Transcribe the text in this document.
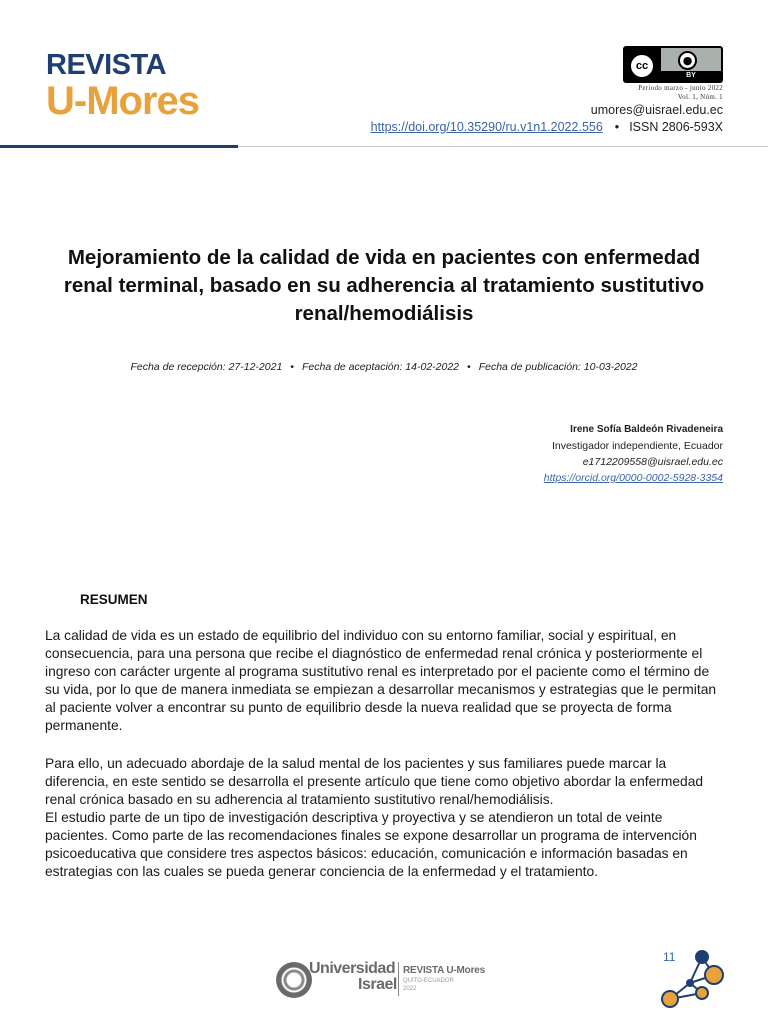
REVISTA
U-Mores
cc	●
BY
Periodo marzo - junio 2022
Vol. 1, Núm. 1
umores@uisrael.edu.ec
https://doi.org/10.35290/ru.v1n1.2022.556 • ISSN 2806-593X
Mejoramiento de la calidad de vida en pacientes con enfermedad renal terminal, basado en su adherencia al tratamiento sustitutivo renal/hemodiálisis
Fecha de recepción: 27-12-2021 • Fecha de aceptación: 14-02-2022 • Fecha de publicación: 10-03-2022
Irene Sofía Baldeón Rivadeneira
Investigador independiente, Ecuador
e1712209558@uisrael.edu.ec
https://orcid.org/0000-0002-5928-3354
RESUMEN

La calidad de vida es un estado de equilibrio del individuo con su entorno familiar, social y espiritual, en consecuencia, para una persona que recibe el diagnóstico de enfermedad renal crónica y posteriormente el ingreso con carácter urgente al programa sustitutivo renal es interpretado por el paciente como el término de su vida, por lo que de manera inmediata se empiezan a desarrollar mecanismos y estrategias que le permitan al paciente volver a encontrar su punto de equilibrio desde la nueva realidad que se proyecta de forma permanente.

Para ello, un adecuado abordaje de la salud mental de los pacientes y sus familiares puede marcar la diferencia, en este sentido se desarrolla el presente artículo que tiene como objetivo abordar la enfermedad renal crónica basado en su adherencia al tratamiento sustitutivo renal/hemodiálisis.

El estudio parte de un tipo de investigación descriptiva y proyectiva y se atendieron un total de veinte pacientes. Como parte de las recomendaciones finales se expone desarrollar un programa de intervención psicoeducativa que considere tres aspectos básicos: educación, comunicación e información basadas en estrategias con las cuales se pueda generar conciencia de la enfermedad y el tratamiento.

11
Universidad
Israel
REVISTA U-Mores
QUITO-ECUADOR
2022
